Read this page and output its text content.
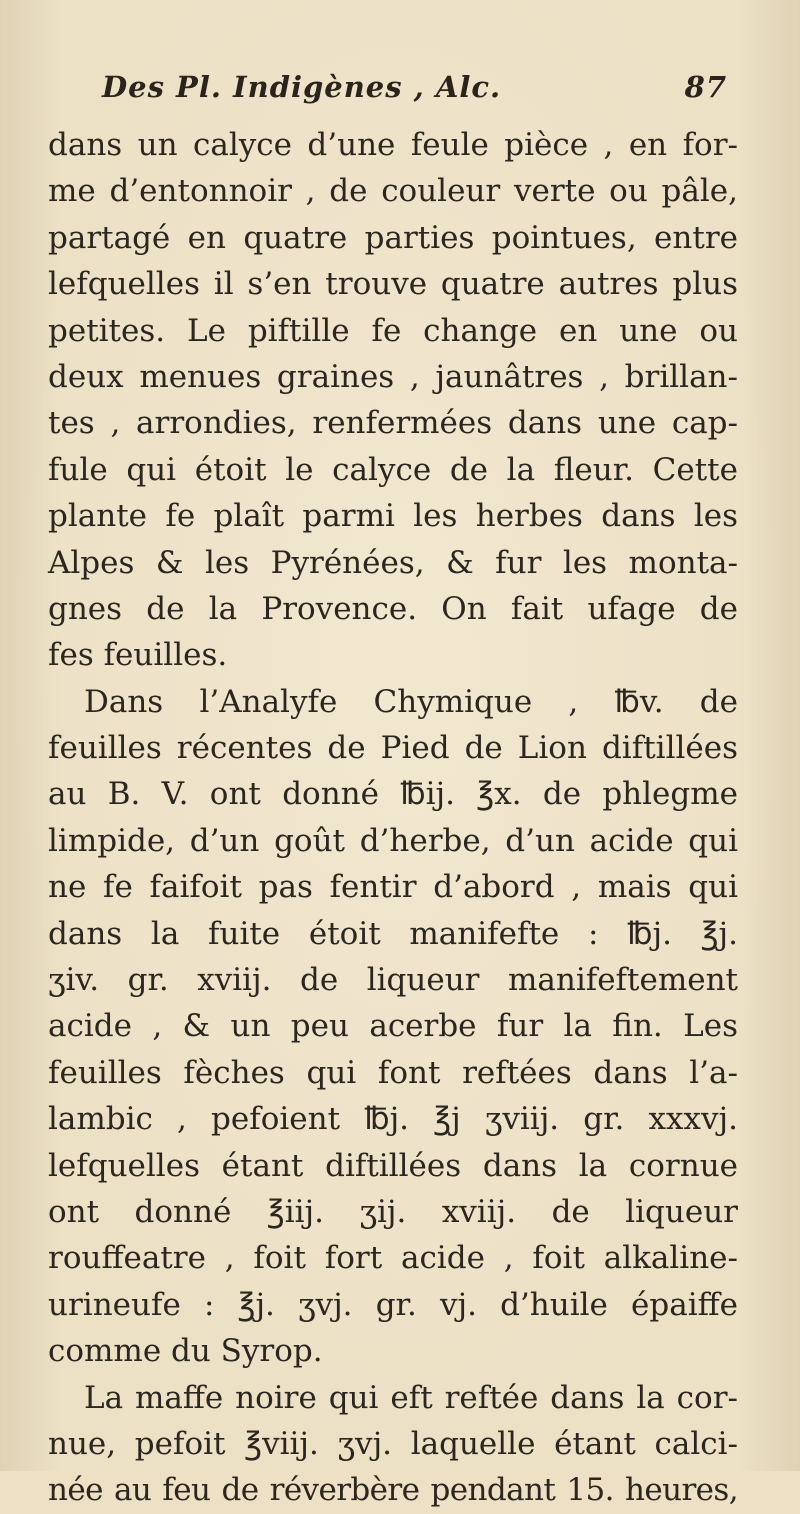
Des Pl. Indigènes , Alc.	87
dans un calyce d’une feule pièce , en for-
me d’entonnoir , de couleur verte ou pâle,
partagé en quatre parties pointues, entre
lefquelles il s’en trouve quatre autres plus
petites. Le piftille fe change en une ou
deux menues graines , jaunâtres , brillan-
tes , arrondies, renfermées dans une cap-
fule qui étoit le calyce de la fleur. Cette
plante fe plaît parmi les herbes dans les
Alpes & les Pyrénées, & fur les monta-
gnes de la Provence. On fait ufage de
fes feuilles.
Dans l’Analyfe Chymique , ℔v. de
feuilles récentes de Pied de Lion diftillées
au B. V. ont donné ℔ij. ℥x. de phlegme
limpide, d’un goût d’herbe, d’un acide qui
ne fe faifoit pas fentir d’abord , mais qui
dans la fuite étoit manifefte : ℔j. ℥j.
ʒiv. gr. xviij. de liqueur manifeftement
acide , & un peu acerbe fur la fin. Les
feuilles fèches qui font reftées dans l’a-
lambic , pefoient ℔j. ℥j ʒviij. gr. xxxvj.
lefquelles étant diftillées dans la cornue
ont donné ℥iij. ʒij. xviij. de liqueur
rouffeatre , foit fort acide , foit alkaline-
urineufe : ℥j. ʒvj. gr. vj. d’huile épaiffe
comme du Syrop.
La maffe noire qui eft reftée dans la cor-
nue, pefoit ℥viij. ʒvj. laquelle étant calci-
née au feu de réverbère pendant 15. heures,
